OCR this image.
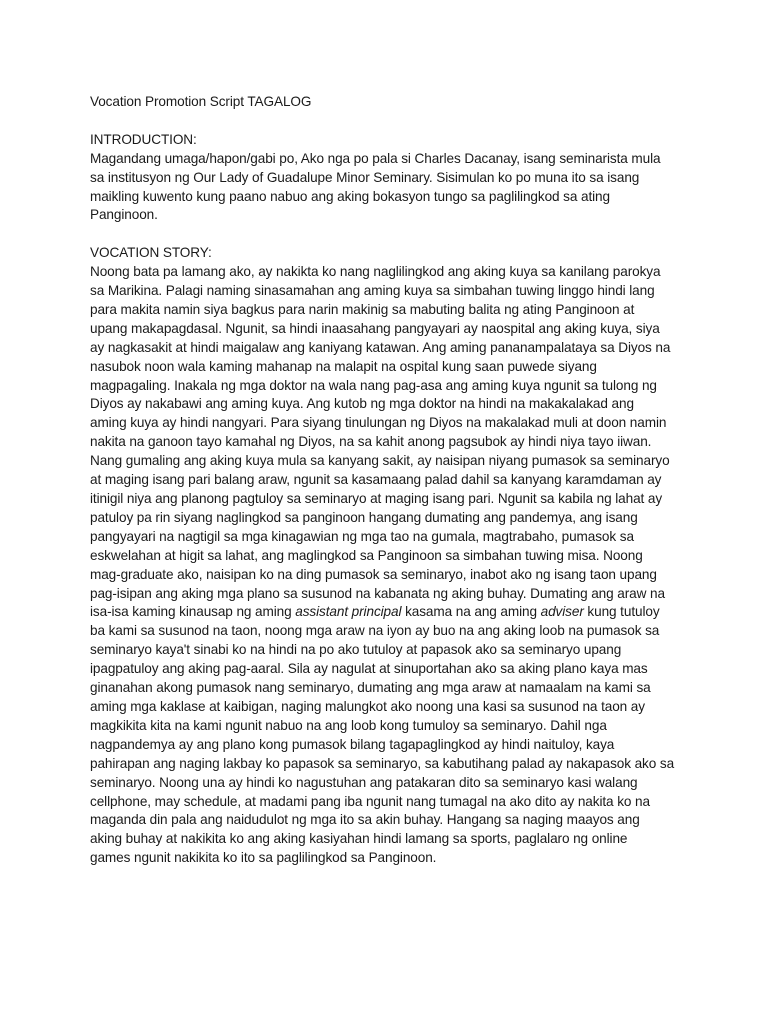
Vocation Promotion Script TAGALOG
INTRODUCTION:
Magandang umaga/hapon/gabi po, Ako nga po pala si Charles Dacanay, isang seminarista mula
sa institusyon ng Our Lady of Guadalupe Minor Seminary. Sisimulan ko po muna ito sa isang
maikling kuwento kung paano nabuo ang aking bokasyon tungo sa paglilingkod sa ating
Panginoon.
VOCATION STORY:
Noong bata pa lamang ako, ay nakikta ko nang naglilingkod ang aking kuya sa kanilang parokya
sa Marikina. Palagi naming sinasamahan ang aming kuya sa simbahan tuwing linggo hindi lang
para makita namin siya bagkus para narin makinig sa mabuting balita ng ating Panginoon at
upang makapagdasal. Ngunit, sa hindi inaasahang pangyayari ay naospital ang aking kuya, siya
ay nagkasakit at hindi maigalaw ang kaniyang katawan. Ang aming pananampalataya sa Diyos na
nasubok noon wala kaming mahanap na malapit na ospital kung saan puwede siyang
magpagaling. Inakala ng mga doktor na wala nang pag-asa ang aming kuya ngunit sa tulong ng
Diyos ay nakabawi ang aming kuya. Ang kutob ng mga doktor na hindi na makakalakad ang
aming kuya ay hindi nangyari. Para siyang tinulungan ng Diyos na makalakad muli at doon namin
nakita na ganoon tayo kamahal ng Diyos, na sa kahit anong pagsubok ay hindi niya tayo iiwan.
Nang gumaling ang aking kuya mula sa kanyang sakit, ay naisipan niyang pumasok sa seminaryo
at maging isang pari balang araw, ngunit sa kasamaang palad dahil sa kanyang karamdaman ay
itinigil niya ang planong pagtuloy sa seminaryo at maging isang pari. Ngunit sa kabila ng lahat ay
patuloy pa rin siyang naglingkod sa panginoon hangang dumating ang pandemya, ang isang
pangyayari na nagtigil sa mga kinagawian ng mga tao na gumala, magtrabaho, pumasok sa
eskwelahan at higit sa lahat, ang maglingkod sa Panginoon sa simbahan tuwing misa. Noong
mag-graduate ako, naisipan ko na ding pumasok sa seminaryo, inabot ako ng isang taon upang
pag-isipan ang aking mga plano sa susunod na kabanata ng aking buhay. Dumating ang araw na
isa-isa kaming kinausap ng aming assistant principal kasama na ang aming adviser kung tutuloy
ba kami sa susunod na taon, noong mga araw na iyon ay buo na ang aking loob na pumasok sa
seminaryo kaya't sinabi ko na hindi na po ako tutuloy at papasok ako sa seminaryo upang
ipagpatuloy ang aking pag-aaral. Sila ay nagulat at sinuportahan ako sa aking plano kaya mas
ginanahan akong pumasok nang seminaryo, dumating ang mga araw at namaalam na kami sa
aming mga kaklase at kaibigan, naging malungkot ako noong una kasi sa susunod na taon ay
magkikita kita na kami ngunit nabuo na ang loob kong tumuloy sa seminaryo. Dahil nga
nagpandemya ay ang plano kong pumasok bilang tagapaglingkod ay hindi naituloy, kaya
pahirapan ang naging lakbay ko papasok sa seminaryo, sa kabutihang palad ay nakapasok ako sa
seminaryo. Noong una ay hindi ko nagustuhan ang patakaran dito sa seminaryo kasi walang
cellphone, may schedule, at madami pang iba ngunit nang tumagal na ako dito ay nakita ko na
maganda din pala ang naidudulot ng mga ito sa akin buhay. Hangang sa naging maayos ang
aking buhay at nakikita ko ang aking kasiyahan hindi lamang sa sports, paglalaro ng online
games ngunit nakikita ko ito sa paglilingkod sa Panginoon.
